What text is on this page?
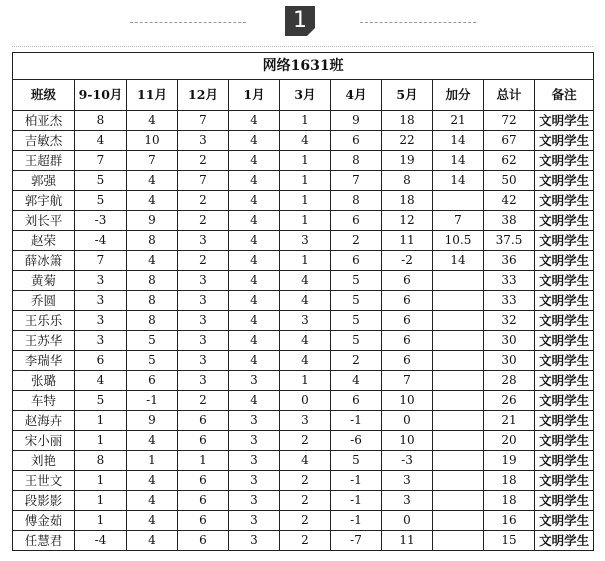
1
网络1631班										
班级	9-10月	11月	12月	1月	3月	4月	5月	加分	总计	备注
柏亚杰	8	4	7	4	1	9	18	21	72	文明学生
吉敏杰	4	10	3	4	4	6	22	14	67	文明学生
王超群	7	7	2	4	1	8	19	14	62	文明学生
郭强	5	4	7	4	1	7	8	14	50	文明学生
郭宇航	5	4	2	4	1	8	18		42	文明学生
刘长平	-3	9	2	4	1	6	12	7	38	文明学生
赵荣	-4	8	3	4	3	2	11	10.5	37.5	文明学生
薛冰箫	7	4	2	4	1	6	-2	14	36	文明学生
黄菊	3	8	3	4	4	5	6		33	文明学生
乔圆	3	8	3	4	4	5	6		33	文明学生
王乐乐	3	8	3	4	3	5	6		32	文明学生
王苏华	3	5	3	4	4	5	6		30	文明学生
李瑞华	6	5	3	4	4	2	6		30	文明学生
张璐	4	6	3	3	1	4	7		28	文明学生
车特	5	-1	2	4	0	6	10		26	文明学生
赵海卉	1	9	6	3	3	-1	0		21	文明学生
宋小丽	1	4	6	3	2	-6	10		20	文明学生
刘艳	8	1	1	3	4	5	-3		19	文明学生
王世文	1	4	6	3	2	-1	3		18	文明学生
段影影	1	4	6	3	2	-1	3		18	文明学生
傅金茹	1	4	6	3	2	-1	0		16	文明学生
任慧君	-4	4	6	3	2	-7	11		15	文明学生
